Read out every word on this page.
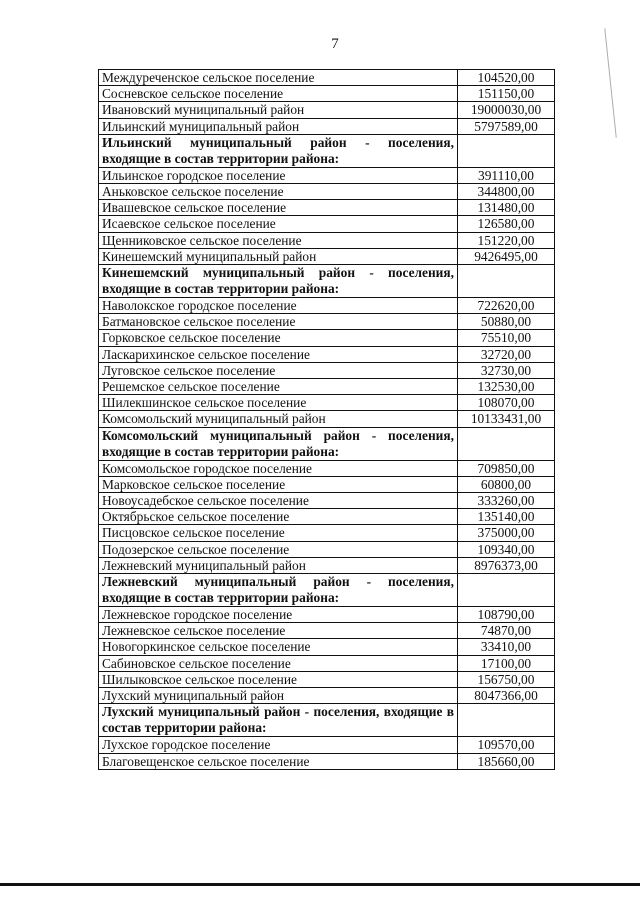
7
Междуреченское сельское поселение	104520,00
Сосневское сельское поселение	151150,00
Ивановский муниципальный район	19000030,00
Ильинский муниципальный район	5797589,00
Ильинский муниципальный район - поселения, входящие в состав территории района:	
Ильинское городское поселение	391110,00
Аньковское сельское поселение	344800,00
Ивашевское сельское поселение	131480,00
Исаевское сельское поселение	126580,00
Щенниковское сельское поселение	151220,00
Кинешемский муниципальный район	9426495,00
Кинешемский муниципальный район - поселения, входящие в состав территории района:	
Наволокское городское поселение	722620,00
Батмановское сельское поселение	50880,00
Горковское сельское поселение	75510,00
Ласкарихинское сельское поселение	32720,00
Луговское сельское поселение	32730,00
Решемское сельское поселение	132530,00
Шилекшинское сельское поселение	108070,00
Комсомольский муниципальный район	10133431,00
Комсомольский муниципальный район - поселения, входящие в состав территории района:	
Комсомольское городское поселение	709850,00
Марковское сельское поселение	60800,00
Новоусадебское сельское поселение	333260,00
Октябрьское сельское поселение	135140,00
Писцовское сельское поселение	375000,00
Подозерское сельское поселение	109340,00
Лежневский муниципальный район	8976373,00
Лежневский муниципальный район - поселения, входящие в состав территории района:	
Лежневское городское поселение	108790,00
Лежневское сельское поселение	74870,00
Новогоркинское сельское поселение	33410,00
Сабиновское сельское поселение	17100,00
Шилыковское сельское поселение	156750,00
Лухский муниципальный район	8047366,00
Лухский муниципальный район - поселения, входящие в состав территории района:	
Лухское городское поселение	109570,00
Благовещенское сельское поселение	185660,00
